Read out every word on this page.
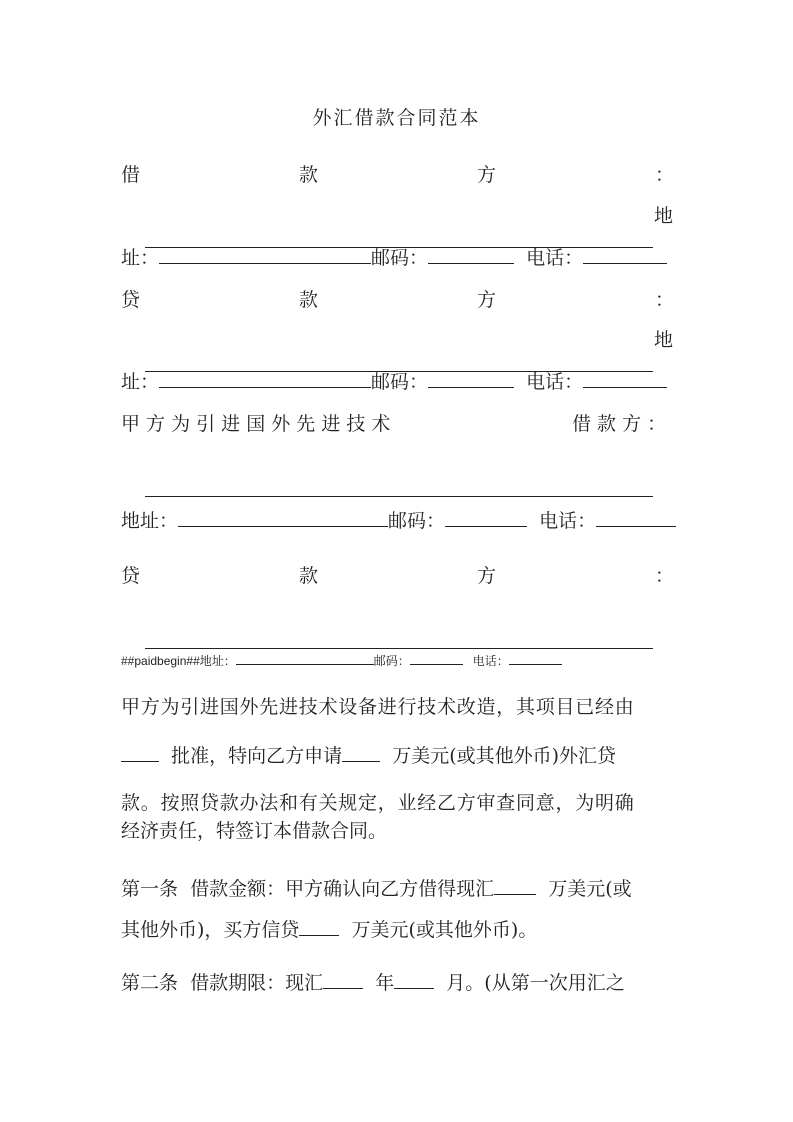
外汇借款合同范本
借	款	方	：

地
址：	邮码：	电话：
贷	款	方	：

地
址：	邮码：	电话：
甲 方 为 引 进 国 外 先 进 技 术	借 款 方 ：

地址：	邮码：	电话：
贷	款	方	：

##paidbegin##地址：	邮码：	电话：
甲方为引进国外先进技术设备进行技术改造，其项目已经由
批准，特向乙方申请	万美元(或其他外币)外汇贷
款。按照贷款办法和有关规定，业经乙方审查同意，为明确
经济责任，特签订本借款合同。
第一条  借款金额：甲方确认向乙方借得现汇	万美元(或
其他外币)，买方信贷	万美元(或其他外币)。
第二条  借款期限：现汇	年	月。(从第一次用汇之
